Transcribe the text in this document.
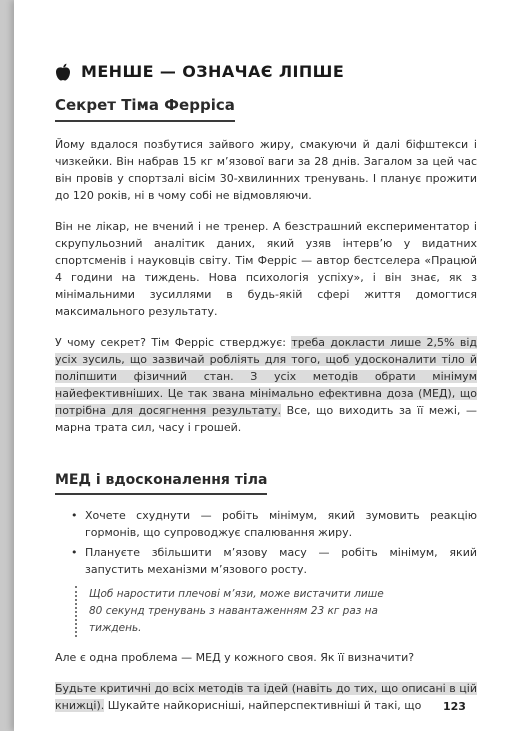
МЕНШЕ — ОЗНАЧАЄ ЛІПШЕ
Секрет Тіма Ферріса

Йому вдалося позбутися зайвого жиру, смакуючи й далі біфштекси і чизкейки. Він набрав 15 кг м’язової ваги за 28 днів. Загалом за цей час він провів у спортзалі вісім 30-хвилинних тренувань. І планує прожити до 120 років, ні в чому собі не відмовляючи.

Він не лікар, не вчений і не тренер. А безстрашний експериментатор і скрупульозний аналітик даних, який узяв інтерв’ю у видатних спортсменів і науковців світу. Тім Ферріс — автор бестселера «Працюй 4 години на тиждень. Нова психологія успіху», і він знає, як з мінімальними зусиллями в будь-якій сфері життя домогтися максимального результату.

У чому секрет? Тім Ферріс стверджує: треба докласти лише 2,5% від усіх зусиль, що зазвичай робліять для того, щоб удосконалити тіло й поліпшити фізичний стан. З усіх методів обрати мінімум найефективніших. Це так звана мінімально ефективна доза (МЕД), що потрібна для досягнення результату. Все, що виходить за її межі, — марна трата сил, часу і грошей.

МЕД і вдосконалення тіла
• Хочете схуднути — робіть мінімум, який зумовить реакцію гормонів, що супроводжує спалювання жиру.
• Плануєте збільшити м’язову масу — робіть мінімум, який запустить механізми м’язового росту.
Щоб наростити плечові м’язи, може вистачити лише 80 секунд тренувань з навантаженням 23 кг раз на тиждень.

Але є одна проблема — МЕД у кожного своя. Як її визначити?

Будьте критичні до всіх методів та ідей (навіть до тих, що описані в цій книжці). Шукайте найкорисніші, найперспективніші й такі, що	123
